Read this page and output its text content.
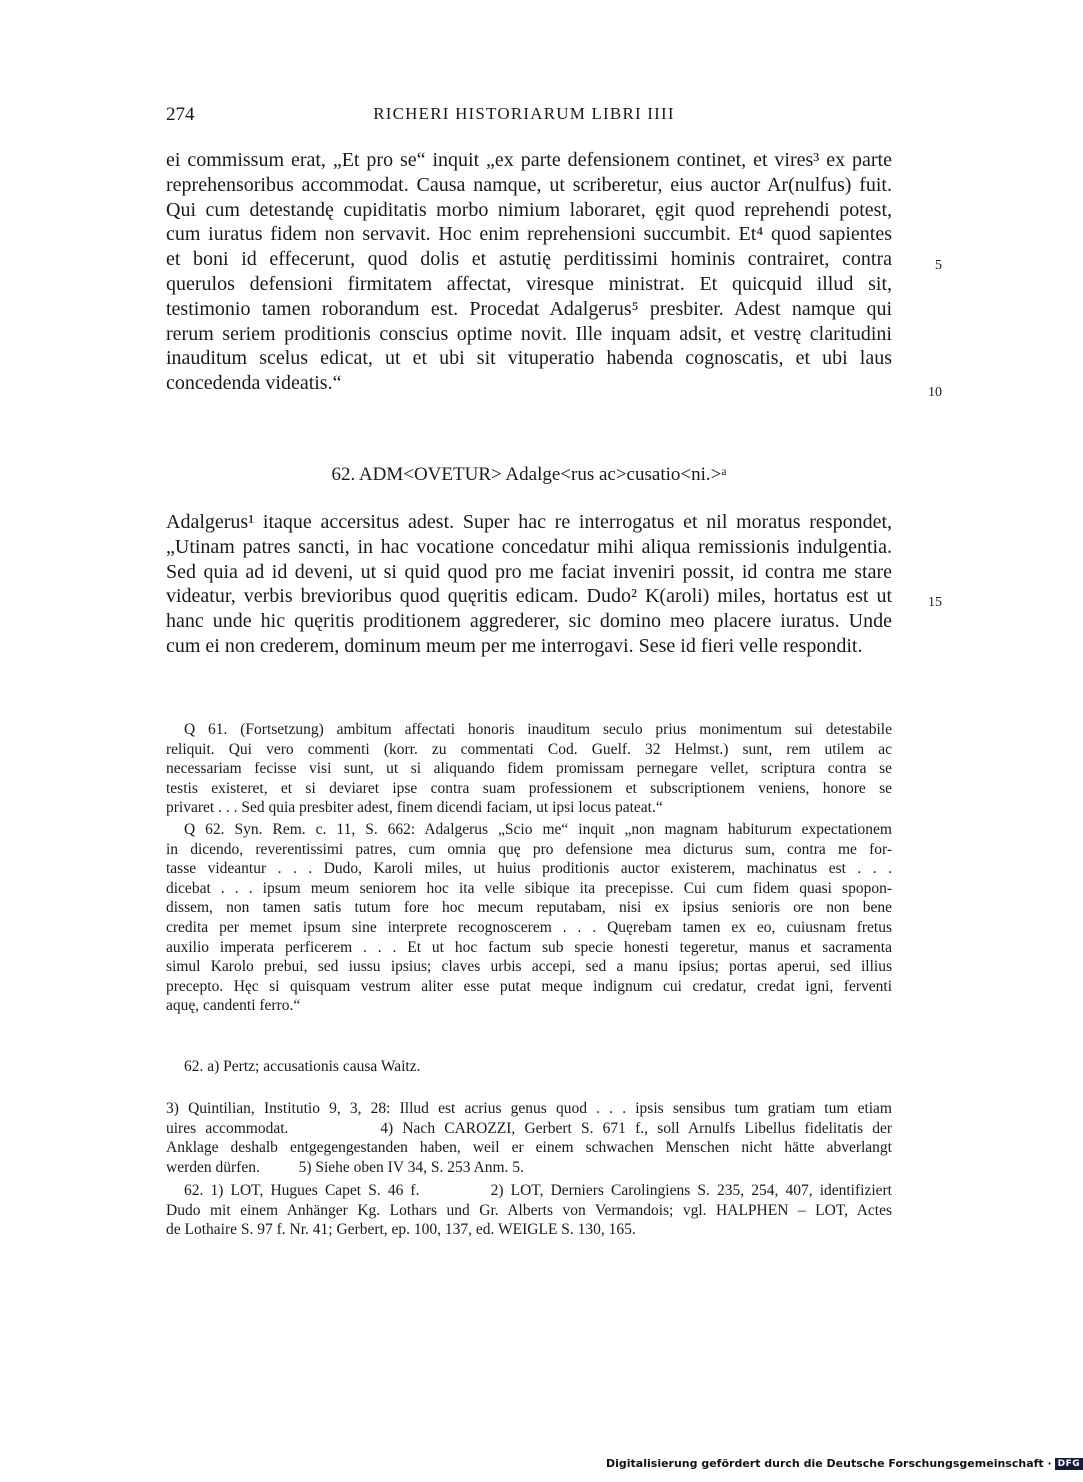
274	RICHERI HISTORIARUM LIBRI IIII
ei commissum erat, „Et pro se“ inquit „ex parte defensionem continet, et vires³ ex parte
reprehensoribus accommodat. Causa namque, ut scriberetur, eius auctor Ar(nulfus) fuit.
Qui cum detestandę cupiditatis morbo nimium laboraret, ęgit quod reprehendi potest,
cum iuratus fidem non servavit. Hoc enim reprehensioni succumbit. Et⁴ quod sapientes
et boni id effecerunt, quod dolis et astutię perditissimi hominis contrairet, contra
querulos defensioni firmitatem affectat, viresque ministrat. Et quicquid illud sit,
testimonio tamen roborandum est. Procedat Adalgerus⁵ presbiter. Adest namque qui
rerum seriem proditionis conscius optime novit. Ille inquam adsit, et vestrę claritudini
inauditum scelus edicat, ut et ubi sit vituperatio habenda cognoscatis, et ubi laus
concedenda videatis.“
5
10
15
62. ADM<OVETUR> Adalge<rus ac>cusatio<ni.>ᵃ
Adalgerus¹ itaque accersitus adest. Super hac re interrogatus et nil moratus respondet,
„Utinam patres sancti, in hac vocatione concedatur mihi aliqua remissionis indulgentia.
Sed quia ad id deveni, ut si quid quod pro me faciat inveniri possit, id contra me stare
videatur, verbis brevioribus quod quęritis edicam. Dudo² K(aroli) miles, hortatus est ut
hanc unde hic quęritis proditionem aggrederer, sic domino meo placere iuratus. Unde
cum ei non crederem, dominum meum per me interrogavi. Sese id fieri velle respondit.
Q 61. (Fortsetzung) ambitum affectati honoris inauditum seculo prius monimentum sui detestabile
reliquit. Qui vero commenti (korr. zu commentati Cod. Guelf. 32 Helmst.) sunt, rem utilem ac
necessariam fecisse visi sunt, ut si aliquando fidem promissam pernegare vellet, scriptura contra se
testis existeret, et si deviaret ipse contra suam professionem et subscriptionem veniens, honore se
privaret . . . Sed quia presbiter adest, finem dicendi faciam, ut ipsi locus pateat.“
Q 62. Syn. Rem. c. 11, S. 662: Adalgerus „Scio me“ inquit „non magnam habiturum expectationem
in dicendo, reverentissimi patres, cum omnia quę pro defensione mea dicturus sum, contra me for-
tasse videantur . . . Dudo, Karoli miles, ut huius proditionis auctor existerem, machinatus est . . .
dicebat . . . ipsum meum seniorem hoc ita velle sibique ita precepisse. Cui cum fidem quasi spopon-
dissem, non tamen satis tutum fore hoc mecum reputabam, nisi ex ipsius senioris ore non bene
credita per memet ipsum sine interprete recognoscerem . . . Quęrebam tamen ex eo, cuiusnam fretus
auxilio imperata perficerem . . . Et ut hoc factum sub specie honesti tegeretur, manus et sacramenta
simul Karolo prebui, sed iussu ipsius; claves urbis accepi, sed a manu ipsius; portas aperui, sed illius
precepto. Hęc si quisquam vestrum aliter esse putat meque indignum cui credatur, credat igni, ferventi
aquę, candenti ferro.“
62. a) Pertz; accusationis causa Waitz.
3) Quintilian, Institutio 9, 3, 28: Illud est acrius genus quod . . . ipsis sensibus tum gratiam tum etiam
uires accommodat.          4) Nach CAROZZI, Gerbert S. 671 f., soll Arnulfs Libellus fidelitatis der
Anklage deshalb entgegengestanden haben, weil er einem schwachen Menschen nicht hätte abverlangt
werden dürfen.          5) Siehe oben IV 34, S. 253 Anm. 5.
62. 1) LOT, Hugues Capet S. 46 f.          2) LOT, Derniers Carolingiens S. 235, 254, 407, identifiziert
Dudo mit einem Anhänger Kg. Lothars und Gr. Alberts von Vermandois; vgl. HALPHEN – LOT, Actes
de Lothaire S. 97 f. Nr. 41; Gerbert, ep. 100, 137, ed. WEIGLE S. 130, 165.
Digitalisierung gefördert durch die Deutsche Forschungsgemeinschaft · DFG
